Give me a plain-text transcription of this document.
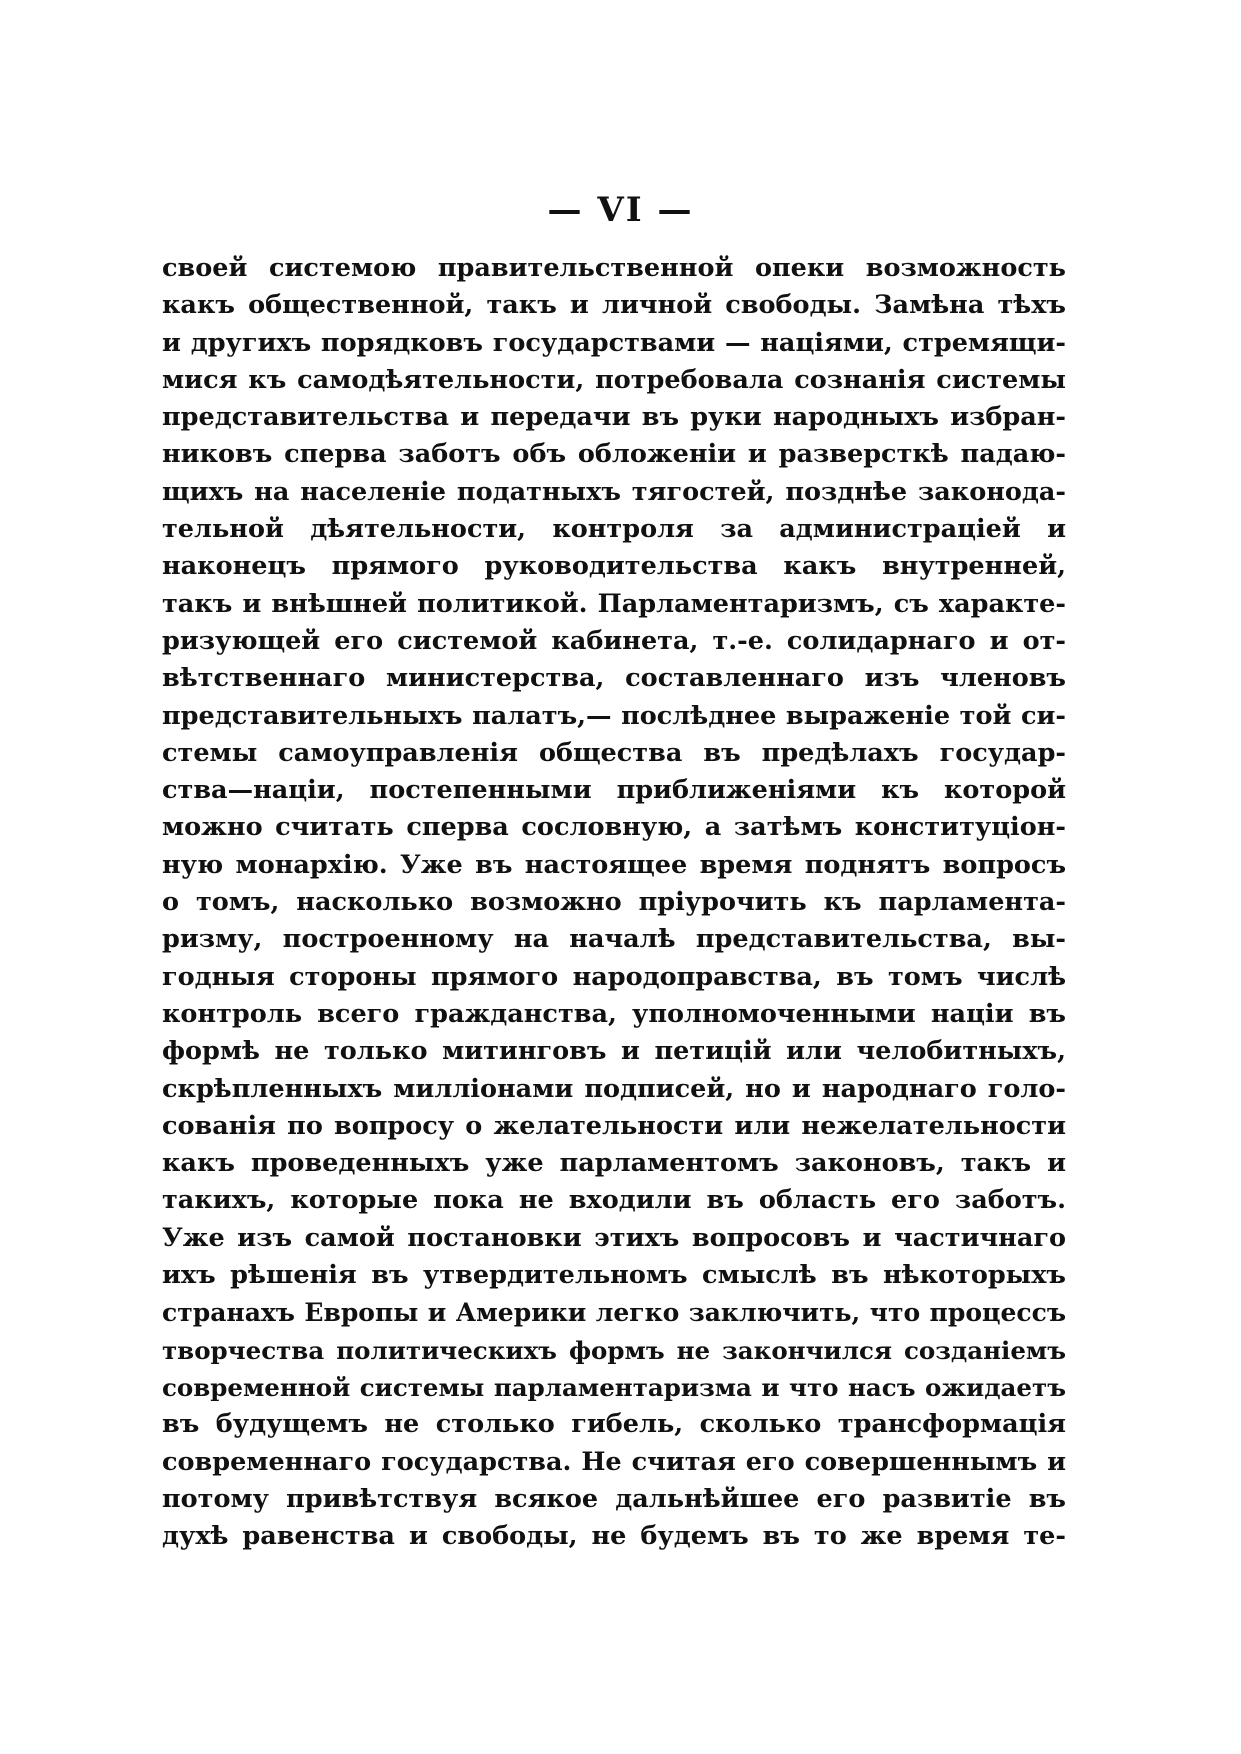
— VI —
своей системою правительственной опеки возможность
какъ общественной, такъ и личной свободы. Замѣна тѣхъ
и другихъ порядковъ государствами — націями, стремящи-
мися къ самодѣятельности, потребовала сознанія системы
представительства и передачи въ руки народныхъ избран-
никовъ сперва заботъ объ обложеніи и разверсткѣ падаю-
щихъ на населеніе податныхъ тягостей, позднѣе законода-
тельной дѣятельности, контроля за администраціей и
наконецъ прямого руководительства какъ внутренней,
такъ и внѣшней политикой. Парламентаризмъ, съ характе-
ризующей его системой кабинета, т.-е. солидарнаго и от-
вѣтственнаго министерства, составленнаго изъ членовъ
представительныхъ палатъ,— послѣднее выраженіе той си-
стемы самоуправленія общества въ предѣлахъ государ-
ства—націи, постепенными приближеніями къ которой
можно считать сперва сословную, а затѣмъ конституціон-
ную монархію. Уже въ настоящее время поднятъ вопросъ
о томъ, насколько возможно пріурочить къ парламента-
ризму, построенному на началѣ представительства, вы-
годныя стороны прямого народоправства, въ томъ числѣ
контроль всего гражданства, уполномоченными націи въ
формѣ не только митинговъ и петицій или челобитныхъ,
скрѣпленныхъ милліонами подписей, но и народнаго голо-
сованія по вопросу о желательности или нежелательности
какъ проведенныхъ уже парламентомъ законовъ, такъ и
такихъ, которые пока не входили въ область его заботъ.
Уже изъ самой постановки этихъ вопросовъ и частичнаго
ихъ рѣшенія въ утвердительномъ смыслѣ въ нѣкоторыхъ
странахъ Европы и Америки легко заключить, что процессъ
творчества политическихъ формъ не закончился созданіемъ
современной системы парламентаризма и что насъ ожидаетъ
въ будущемъ не столько гибель, сколько трансформація
современнаго государства. Не считая его совершеннымъ и
потому привѣтствуя всякое дальнѣйшее его развитіе въ
духѣ равенства и свободы, не будемъ въ то же время те-
